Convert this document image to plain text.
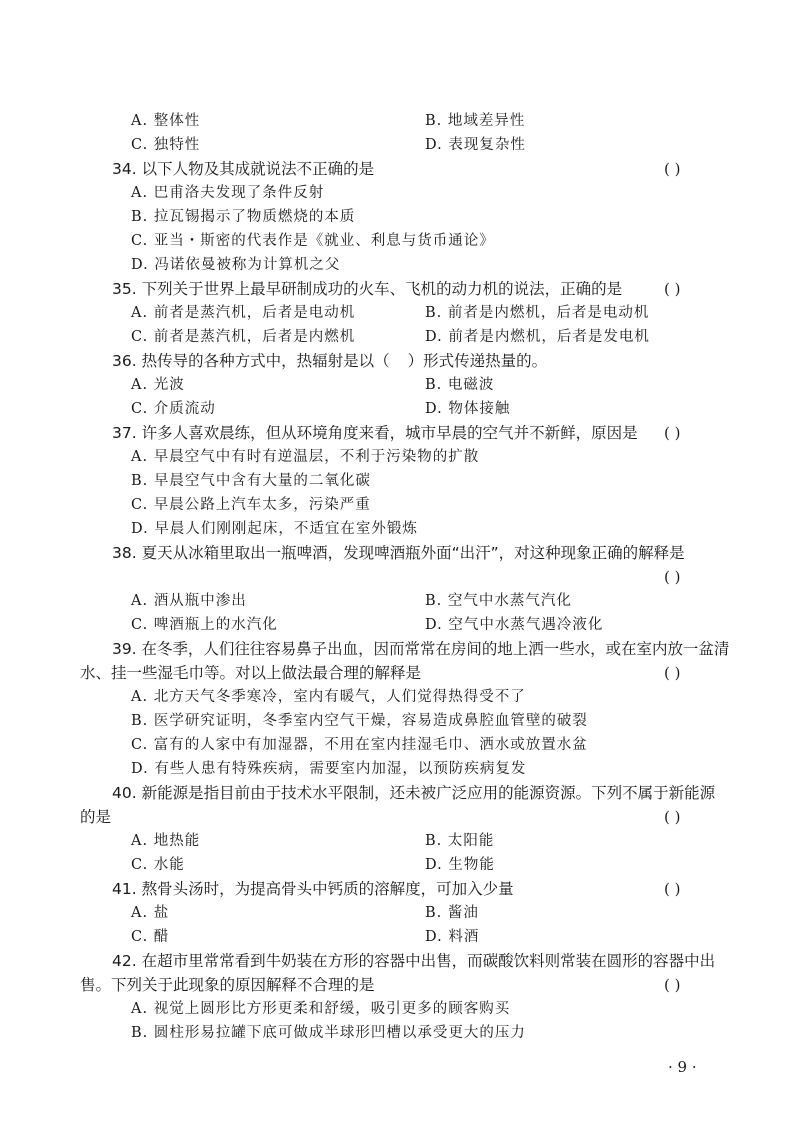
A. 整体性	B. 地域差异性
C. 独特性	D. 表现复杂性
34. 以下人物及其成就说法不正确的是	( )
A. 巴甫洛夫发现了条件反射
B. 拉瓦锡揭示了物质燃烧的本质
C. 亚当・斯密的代表作是《就业、利息与货币通论》
D. 冯诺依曼被称为计算机之父
35. 下列关于世界上最早研制成功的火车、飞机的动力机的说法，正确的是	( )
A. 前者是蒸汽机，后者是电动机	B. 前者是内燃机，后者是电动机
C. 前者是蒸汽机，后者是内燃机	D. 前者是内燃机，后者是发电机
36. 热传导的各种方式中，热辐射是以（ ）形式传递热量的。
A. 光波	B. 电磁波
C. 介质流动	D. 物体接触
37. 许多人喜欢晨练，但从环境角度来看，城市早晨的空气并不新鲜，原因是 ( )
A. 早晨空气中有时有逆温层，不利于污染物的扩散
B. 早晨空气中含有大量的二氧化碳
C. 早晨公路上汽车太多，污染严重
D. 早晨人们刚刚起床，不适宜在室外锻炼
38. 夏天从冰箱里取出一瓶啤酒，发现啤酒瓶外面“出汗”，对这种现象正确的解释是
( )
A. 酒从瓶中渗出	B. 空气中水蒸气汽化
C. 啤酒瓶上的水汽化	D. 空气中水蒸气遇冷液化
39. 在冬季，人们往往容易鼻子出血，因而常常在房间的地上洒一些水，或在室内放一盆清
水、挂一些湿毛巾等。对以上做法最合理的解释是	( )
A. 北方天气冬季寒冷，室内有暖气，人们觉得热得受不了
B. 医学研究证明，冬季室内空气干燥，容易造成鼻腔血管壁的破裂
C. 富有的人家中有加湿器，不用在室内挂湿毛巾、洒水或放置水盆
D. 有些人患有特殊疾病，需要室内加湿，以预防疾病复发
40. 新能源是指目前由于技术水平限制，还未被广泛应用的能源资源。下列不属于新能源
的是	( )
A. 地热能	B. 太阳能
C. 水能	D. 生物能
41. 熬骨头汤时，为提高骨头中钙质的溶解度，可加入少量	( )
A. 盐	B. 酱油
C. 醋	D. 料酒
42. 在超市里常常看到牛奶装在方形的容器中出售，而碳酸饮料则常装在圆形的容器中出
售。下列关于此现象的原因解释不合理的是	( )
A. 视觉上圆形比方形更柔和舒缓，吸引更多的顾客购买
B. 圆柱形易拉罐下底可做成半球形凹槽以承受更大的压力
· 9 ·
